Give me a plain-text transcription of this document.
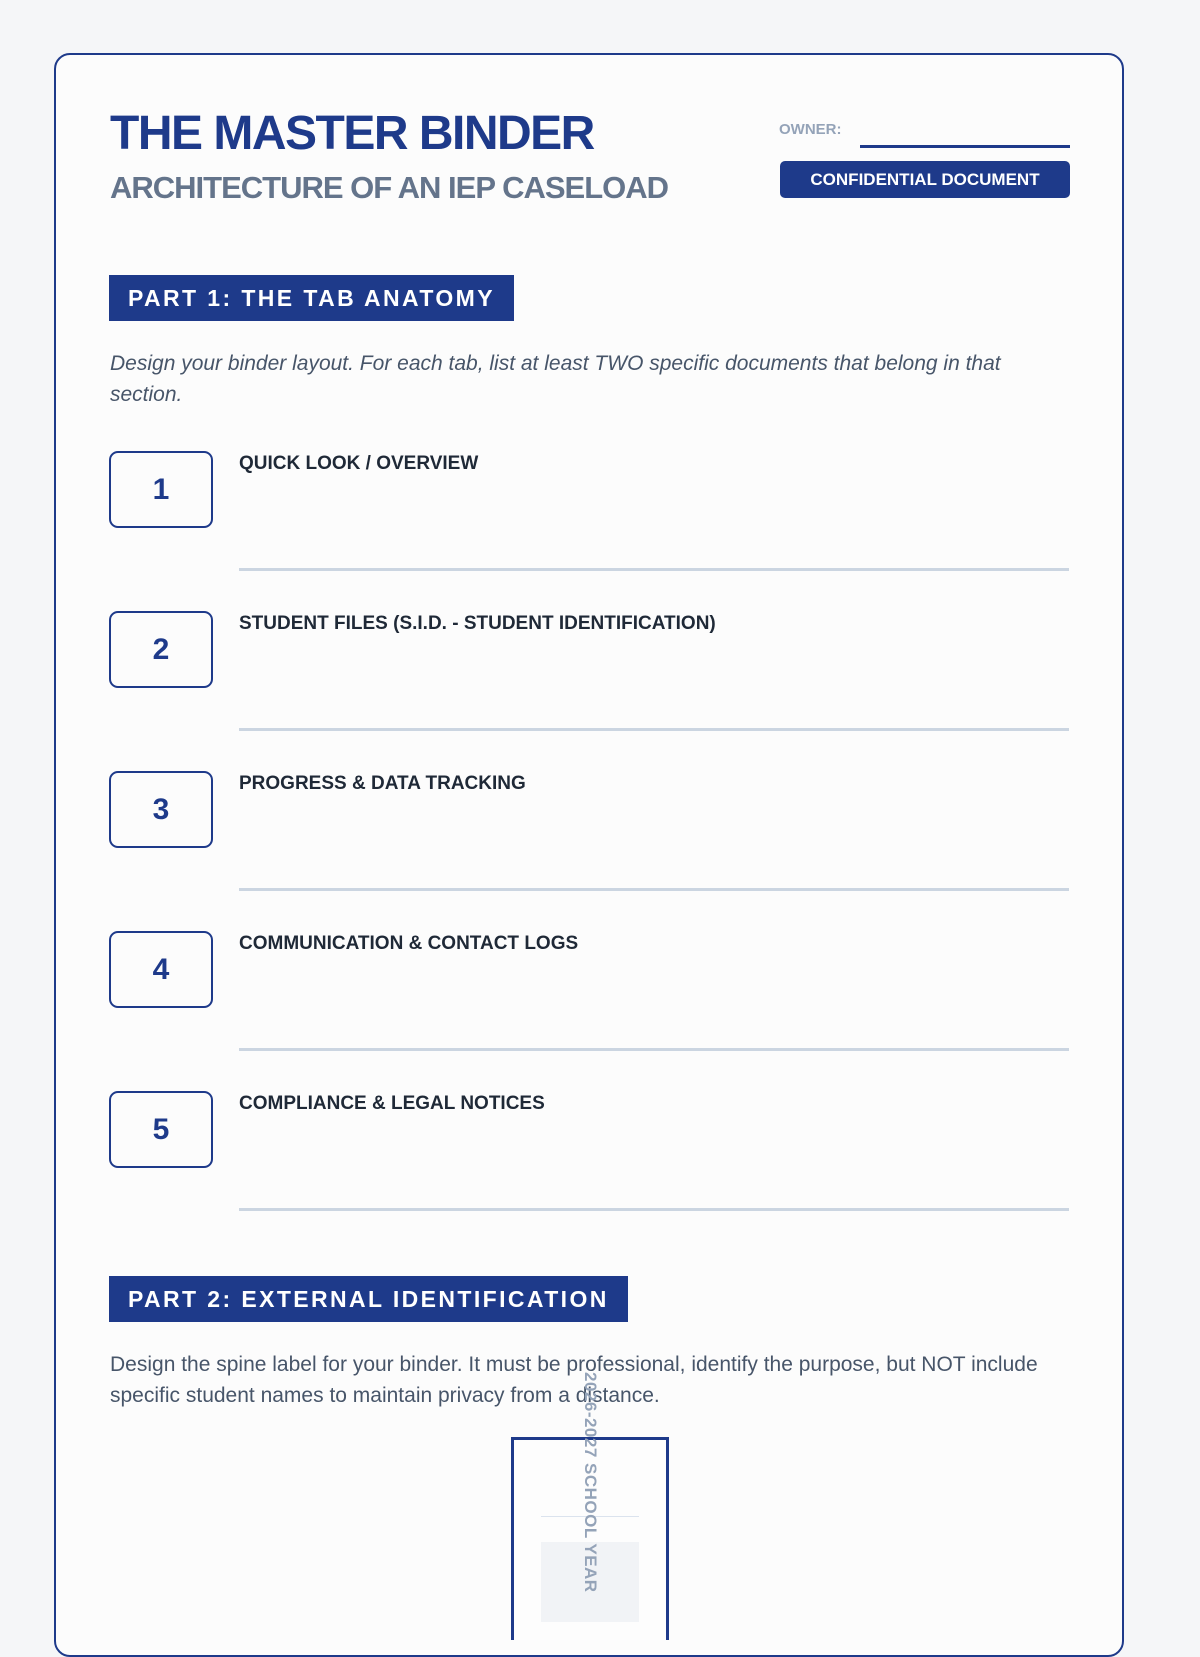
THE MASTER BINDER
ARCHITECTURE OF AN IEP CASELOAD
OWNER:
CONFIDENTIAL DOCUMENT
PART 1: THE TAB ANATOMY
Design your binder layout. For each tab, list at least TWO specific documents that belong in that section.
1
QUICK LOOK / OVERVIEW
2
STUDENT FILES (S.I.D. - STUDENT IDENTIFICATION)
3
PROGRESS & DATA TRACKING
4
COMMUNICATION & CONTACT LOGS
5
COMPLIANCE & LEGAL NOTICES
PART 2: EXTERNAL IDENTIFICATION
Design the spine label for your binder. It must be professional, identify the purpose, but NOT include specific student names to maintain privacy from a distance.
2026-2027 SCHOOL YEAR
